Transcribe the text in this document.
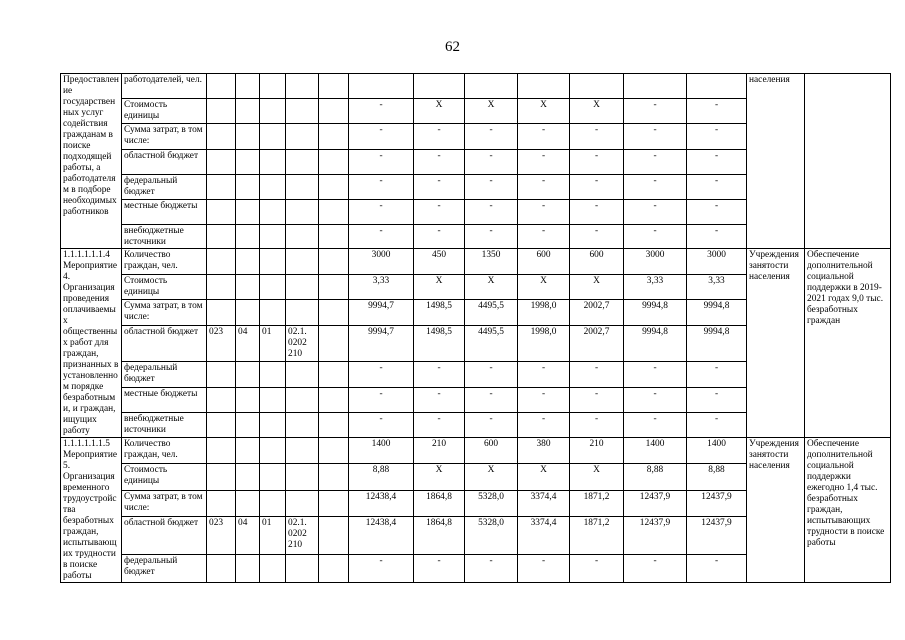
62
Предоставление государственных услуг содействия гражданам в поиске подходящей работы, а работодателям в подборе необходимых работников	работодателей, чел.													населения	
	Стоимость единицы						-	X	X	X	X	-	-		
	Сумма затрат, в том числе:						-	-	-	-	-	-	-		
	областной бюджет						-	-	-	-	-	-	-		
	федеральный бюджет						-	-	-	-	-	-	-		
	местные бюджеты						-	-	-	-	-	-	-		
	внебюджетные источники						-	-	-	-	-	-	-		
1.1.1.1.1.1.4 Мероприятие 4. Организация проведения оплачиваемых общественных работ для граждан, признанных в установленном порядке безработными, и граждан, ищущих работу	Количество граждан, чел.						3000	450	1350	600	600	3000	3000	Учреждения занятости населения	Обеспечение дополнительной социальной поддержки в 2019-2021 годах 9,0 тыс. безработных граждан
	Стоимость единицы						3,33	X	X	X	X	3,33	3,33		
	Сумма затрат, в том числе:						9994,7	1498,5	4495,5	1998,0	2002,7	9994,8	9994,8		
	областной бюджет	023	04	01	02.1. 0202 210		9994,7	1498,5	4495,5	1998,0	2002,7	9994,8	9994,8		
	федеральный бюджет						-	-	-	-	-	-	-		
	местные бюджеты						-	-	-	-	-	-	-		
	внебюджетные источники						-	-	-	-	-	-	-		
1.1.1.1.1.1.5 Мероприятие 5. Организация временного трудоустройства безработных граждан, испытывающих трудности в поиске работы	Количество граждан, чел.						1400	210	600	380	210	1400	1400	Учреждения занятости населения	Обеспечение дополнительной социальной поддержки ежегодно 1,4 тыс. безработных граждан, испытывающих трудности в поиске работы
	Стоимость единицы						8,88	X	X	X	X	8,88	8,88		
	Сумма затрат, в том числе:						12438,4	1864,8	5328,0	3374,4	1871,2	12437,9	12437,9		
	областной бюджет	023	04	01	02.1. 0202 210		12438,4	1864,8	5328,0	3374,4	1871,2	12437,9	12437,9		
	федеральный бюджет						-	-	-	-	-	-	-		
